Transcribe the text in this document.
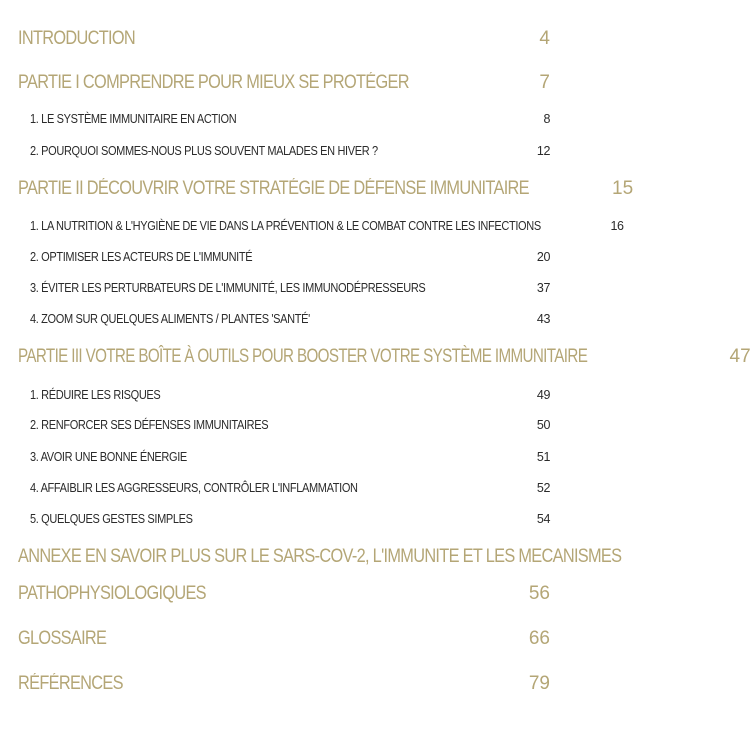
INTRODUCTION	4
PARTIE I COMPRENDRE POUR MIEUX SE PROTÉGER	7
1. LE SYSTÈME IMMUNITAIRE EN ACTION	8
2. POURQUOI SOMMES-NOUS PLUS SOUVENT MALADES EN HIVER ?	12
PARTIE II DÉCOUVRIR VOTRE STRATÉGIE DE DÉFENSE IMMUNITAIRE	15
1. LA NUTRITION & L'HYGIÈNE DE VIE DANS LA PRÉVENTION & LE COMBAT CONTRE LES INFECTIONS	16
2. OPTIMISER LES ACTEURS DE L'IMMUNITÉ	20
3. ÉVITER LES PERTURBATEURS DE L'IMMUNITÉ, LES IMMUNODÉPRESSEURS	37
4. ZOOM SUR QUELQUES ALIMENTS / PLANTES 'SANTÉ'	43
PARTIE III VOTRE BOÎTE À OUTILS POUR BOOSTER VOTRE SYSTÈME IMMUNITAIRE	47
1. RÉDUIRE LES RISQUES	49
2. RENFORCER SES DÉFENSES IMMUNITAIRES	50
3. AVOIR UNE BONNE ÉNERGIE	51
4. AFFAIBLIR LES AGGRESSEURS, CONTRÔLER L'INFLAMMATION	52
5. QUELQUES GESTES SIMPLES	54
ANNEXE EN SAVOIR PLUS SUR LE SARS-COV-2, L'IMMUNITE ET LES MECANISMES
PATHOPHYSIOLOGIQUES	56
GLOSSAIRE	66
RÉFÉRENCES	79
